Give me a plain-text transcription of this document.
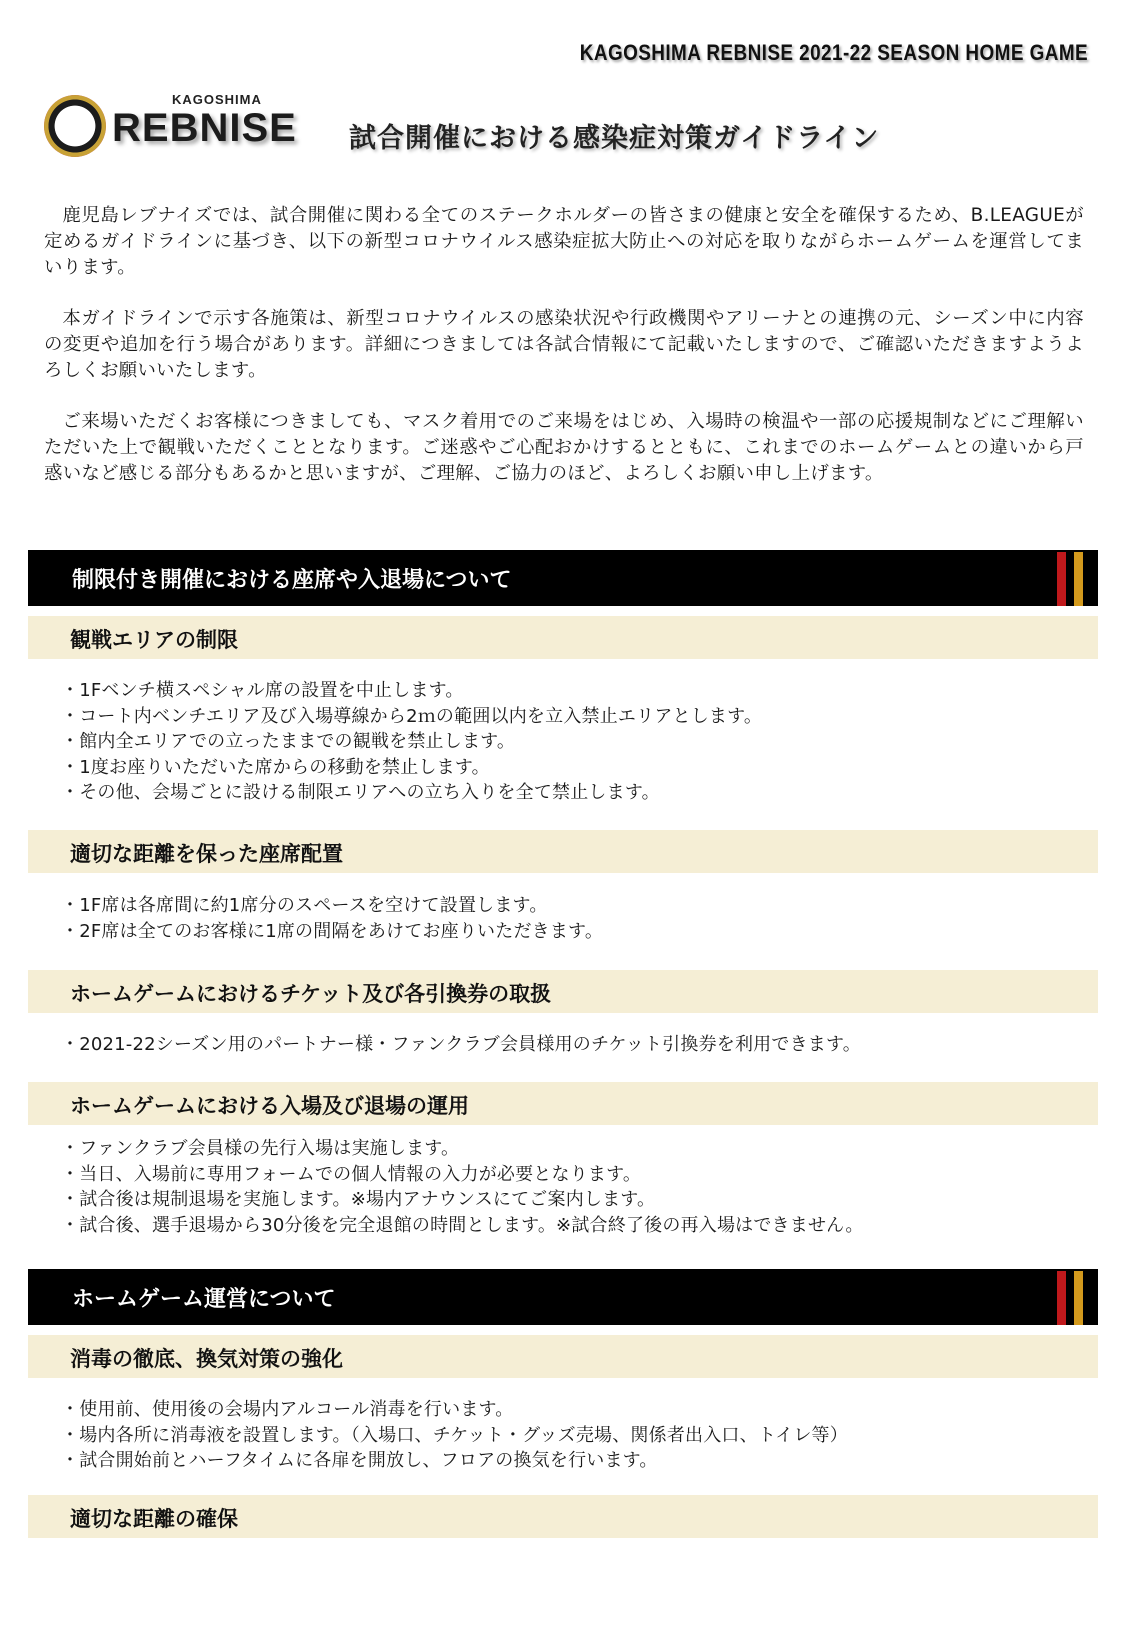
KAGOSHIMA REBNISE 2021-22 SEASON HOME GAME
KAGOSHIMA
REBNISE 試合開催における感染症対策ガイドライン

鹿児島レブナイズでは、試合開催に関わる全てのステークホルダーの皆さまの健康と安全を確保するため、B.LEAGUEが定めるガイドラインに基づき、以下の新型コロナウイルス感染症拡大防止への対応を取りながらホームゲームを運営してまいります。

本ガイドラインで示す各施策は、新型コロナウイルスの感染状況や行政機関やアリーナとの連携の元、シーズン中に内容の変更や追加を行う場合があります。詳細につきましては各試合情報にて記載いたしますので、ご確認いただきますようよろしくお願いいたします。

ご来場いただくお客様につきましても、マスク着用でのご来場をはじめ、入場時の検温や一部の応援規制などにご理解いただいた上で観戦いただくこととなります。ご迷惑やご心配おかけするとともに、これまでのホームゲームとの違いから戸惑いなど感じる部分もあるかと思いますが、ご理解、ご協力のほど、よろしくお願い申し上げます。

制限付き開催における座席や入退場について
観戦エリアの制限
・1Fベンチ横スペシャル席の設置を中止します。
・コート内ベンチエリア及び入場導線から2ｍの範囲以内を立入禁止エリアとします。
・館内全エリアでの立ったままでの観戦を禁止します。
・1度お座りいただいた席からの移動を禁止します。
・その他、会場ごとに設ける制限エリアへの立ち入りを全て禁止します。
適切な距離を保った座席配置
・1F席は各席間に約1席分のスペースを空けて設置します。
・2F席は全てのお客様に1席の間隔をあけてお座りいただきます。
ホームゲームにおけるチケット及び各引換券の取扱
・2021-22シーズン用のパートナー様・ファンクラブ会員様用のチケット引換券を利用できます。
ホームゲームにおける入場及び退場の運用
・ファンクラブ会員様の先行入場は実施します。
・当日、入場前に専用フォームでの個人情報の入力が必要となります。
・試合後は規制退場を実施します。※場内アナウンスにてご案内します。
・試合後、選手退場から30分後を完全退館の時間とします。※試合終了後の再入場はできません。
ホームゲーム運営について
消毒の徹底、換気対策の強化
・使用前、使用後の会場内アルコール消毒を行います。
・場内各所に消毒液を設置します。（入場口、チケット・グッズ売場、関係者出入口、トイレ等）
・試合開始前とハーフタイムに各扉を開放し、フロアの換気を行います。
適切な距離の確保
